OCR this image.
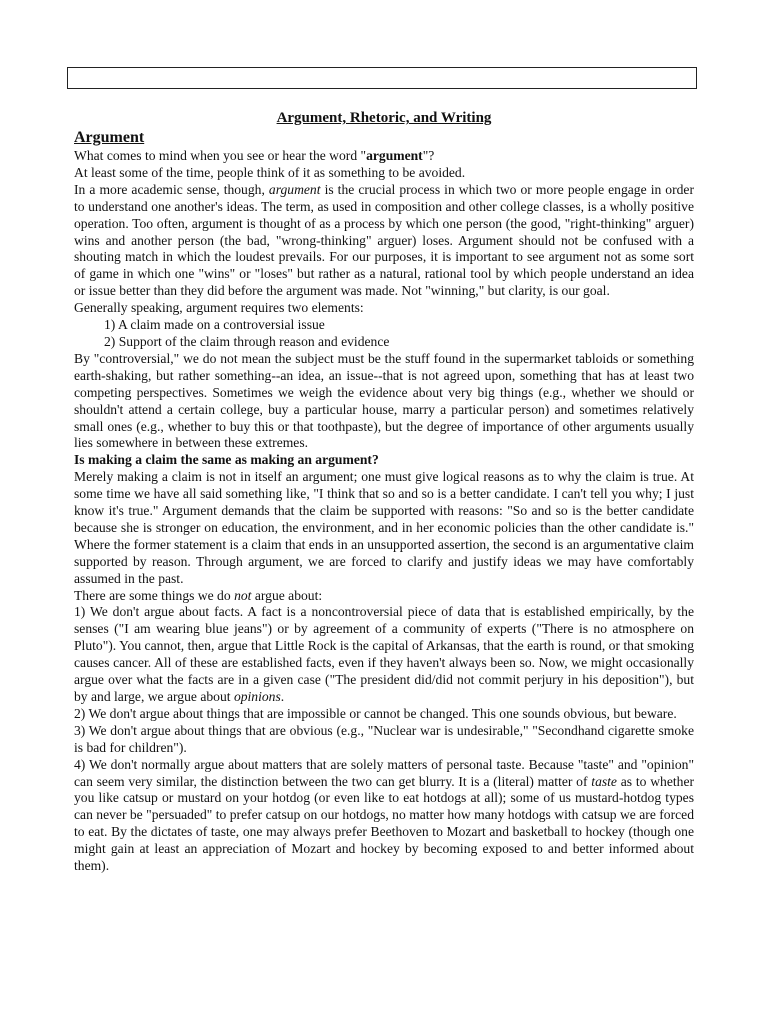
Argument, Rhetoric, and Writing
Argument

What comes to mind when you see or hear the word "argument"?

At least some of the time, people think of it as something to be avoided.

In a more academic sense, though, argument is the crucial process in which two or more people engage in order to understand one another's ideas. The term, as used in composition and other college classes, is a wholly positive operation. Too often, argument is thought of as a process by which one person (the good, "right-thinking" arguer) wins and another person (the bad, "wrong-thinking" arguer) loses. Argument should not be confused with a shouting match in which the loudest prevails. For our purposes, it is important to see argument not as some sort of game in which one "wins" or "loses" but rather as a natural, rational tool by which people understand an idea or issue better than they did before the argument was made. Not "winning," but clarity, is our goal.

Generally speaking, argument requires two elements:

1) A claim made on a controversial issue

2) Support of the claim through reason and evidence

By "controversial," we do not mean the subject must be the stuff found in the supermarket tabloids or something earth-shaking, but rather something--an idea, an issue--that is not agreed upon, something that has at least two competing perspectives. Sometimes we weigh the evidence about very big things (e.g., whether we should or shouldn't attend a certain college, buy a particular house, marry a particular person) and sometimes relatively small ones (e.g., whether to buy this or that toothpaste), but the degree of importance of other arguments usually lies somewhere in between these extremes.

Is making a claim the same as making an argument?

Merely making a claim is not in itself an argument; one must give logical reasons as to why the claim is true. At some time we have all said something like, "I think that so and so is a better candidate. I can't tell you why; I just know it's true." Argument demands that the claim be supported with reasons: "So and so is the better candidate because she is stronger on education, the environment, and in her economic policies than the other candidate is." Where the former statement is a claim that ends in an unsupported assertion, the second is an argumentative claim supported by reason. Through argument, we are forced to clarify and justify ideas we may have comfortably assumed in the past.

There are some things we do not argue about:

1) We don't argue about facts. A fact is a noncontroversial piece of data that is established empirically, by the senses ("I am wearing blue jeans") or by agreement of a community of experts ("There is no atmosphere on Pluto"). You cannot, then, argue that Little Rock is the capital of Arkansas, that the earth is round, or that smoking causes cancer. All of these are established facts, even if they haven't always been so. Now, we might occasionally argue over what the facts are in a given case ("The president did/did not commit perjury in his deposition"), but by and large, we argue about opinions.

2) We don't argue about things that are impossible or cannot be changed. This one sounds obvious, but beware.

3) We don't argue about things that are obvious (e.g., "Nuclear war is undesirable," "Secondhand cigarette smoke is bad for children").

4) We don't normally argue about matters that are solely matters of personal taste. Because "taste" and "opinion" can seem very similar, the distinction between the two can get blurry. It is a (literal) matter of taste as to whether you like catsup or mustard on your hotdog (or even like to eat hotdogs at all); some of us mustard-hotdog types can never be "persuaded" to prefer catsup on our hotdogs, no matter how many hotdogs with catsup we are forced to eat. By the dictates of taste, one may always prefer Beethoven to Mozart and basketball to hockey (though one might gain at least an appreciation of Mozart and hockey by becoming exposed to and better informed about them).
